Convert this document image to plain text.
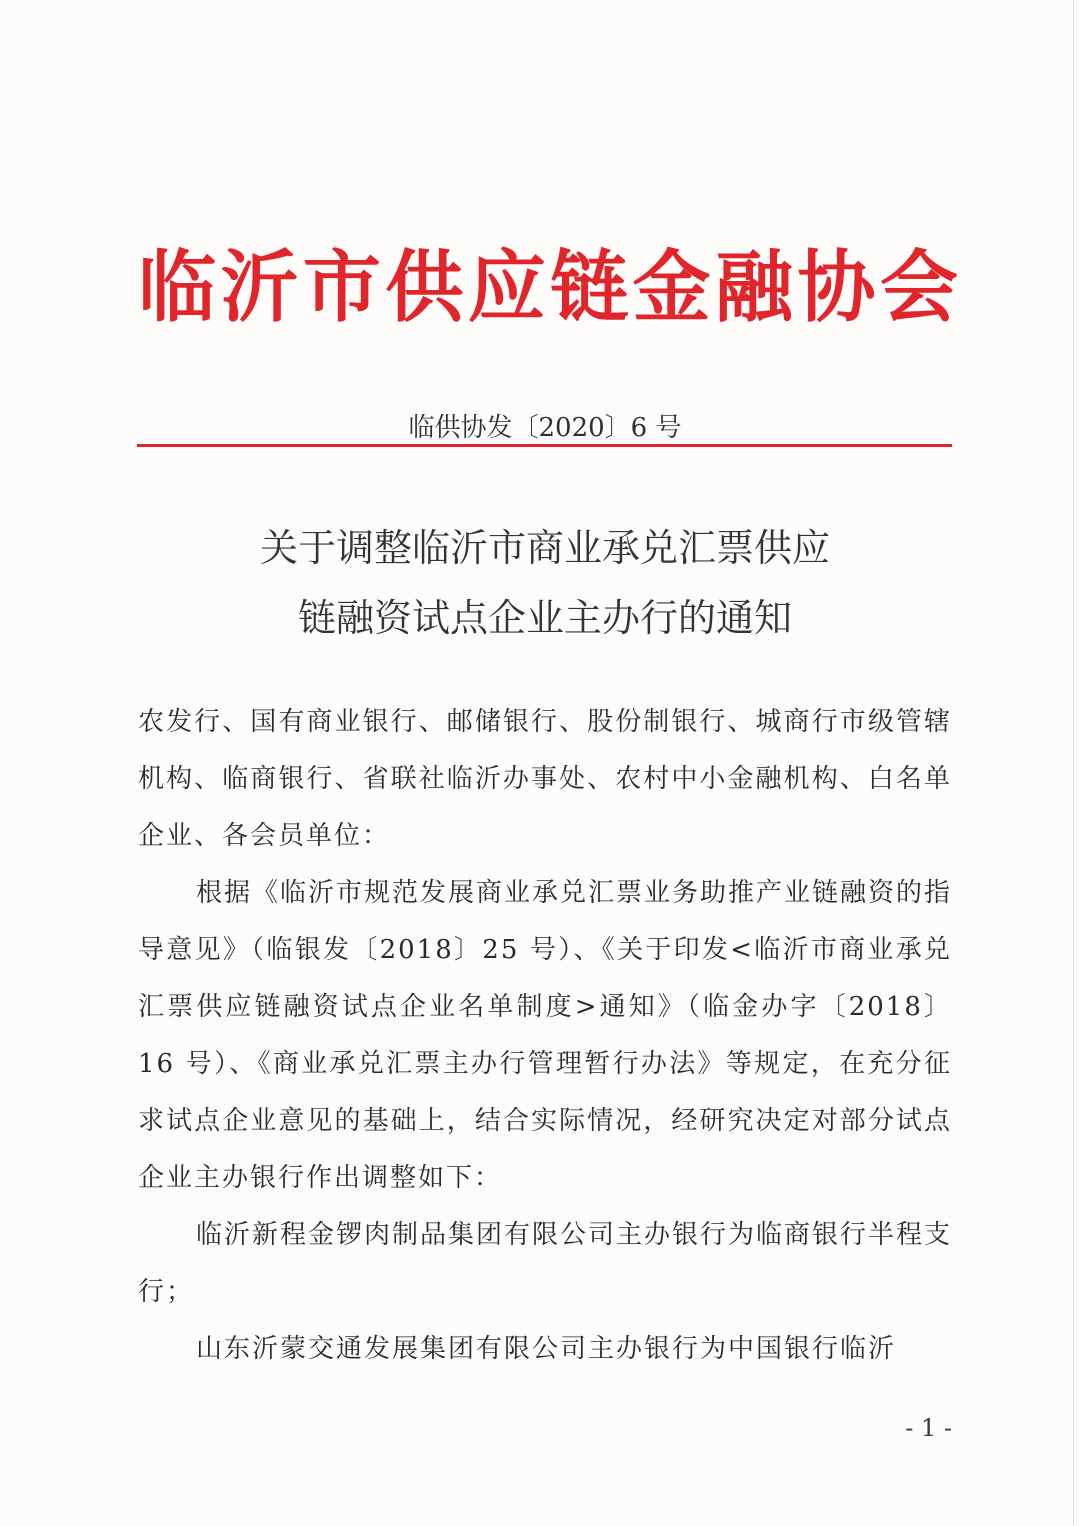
临 沂 市 供 应 链 金 融 协 会
临供协发〔2020〕6 号
关于调整临沂市商业承兑汇票供应
链融资试点企业主办行的通知

农发行、国有商业银行、邮储银行、股份制银行、城商行市级管辖机构、临商银行、省联社临沂办事处、农村中小金融机构、白名单企业、各会员单位：

根据《临沂市规范发展商业承兑汇票业务助推产业链融资的指导意见》（临银发〔2018〕25 号）、《关于印发<临沂市商业承兑汇票供应链融资试点企业名单制度>通知》（临金办字〔2018〕16 号）、《商业承兑汇票主办行管理暂行办法》等规定，在充分征求试点企业意见的基础上，结合实际情况，经研究决定对部分试点企业主办银行作出调整如下：

临沂新程金锣肉制品集团有限公司主办银行为临商银行半程支行；

山东沂蒙交通发展集团有限公司主办银行为中国银行临沂

- 1 -
